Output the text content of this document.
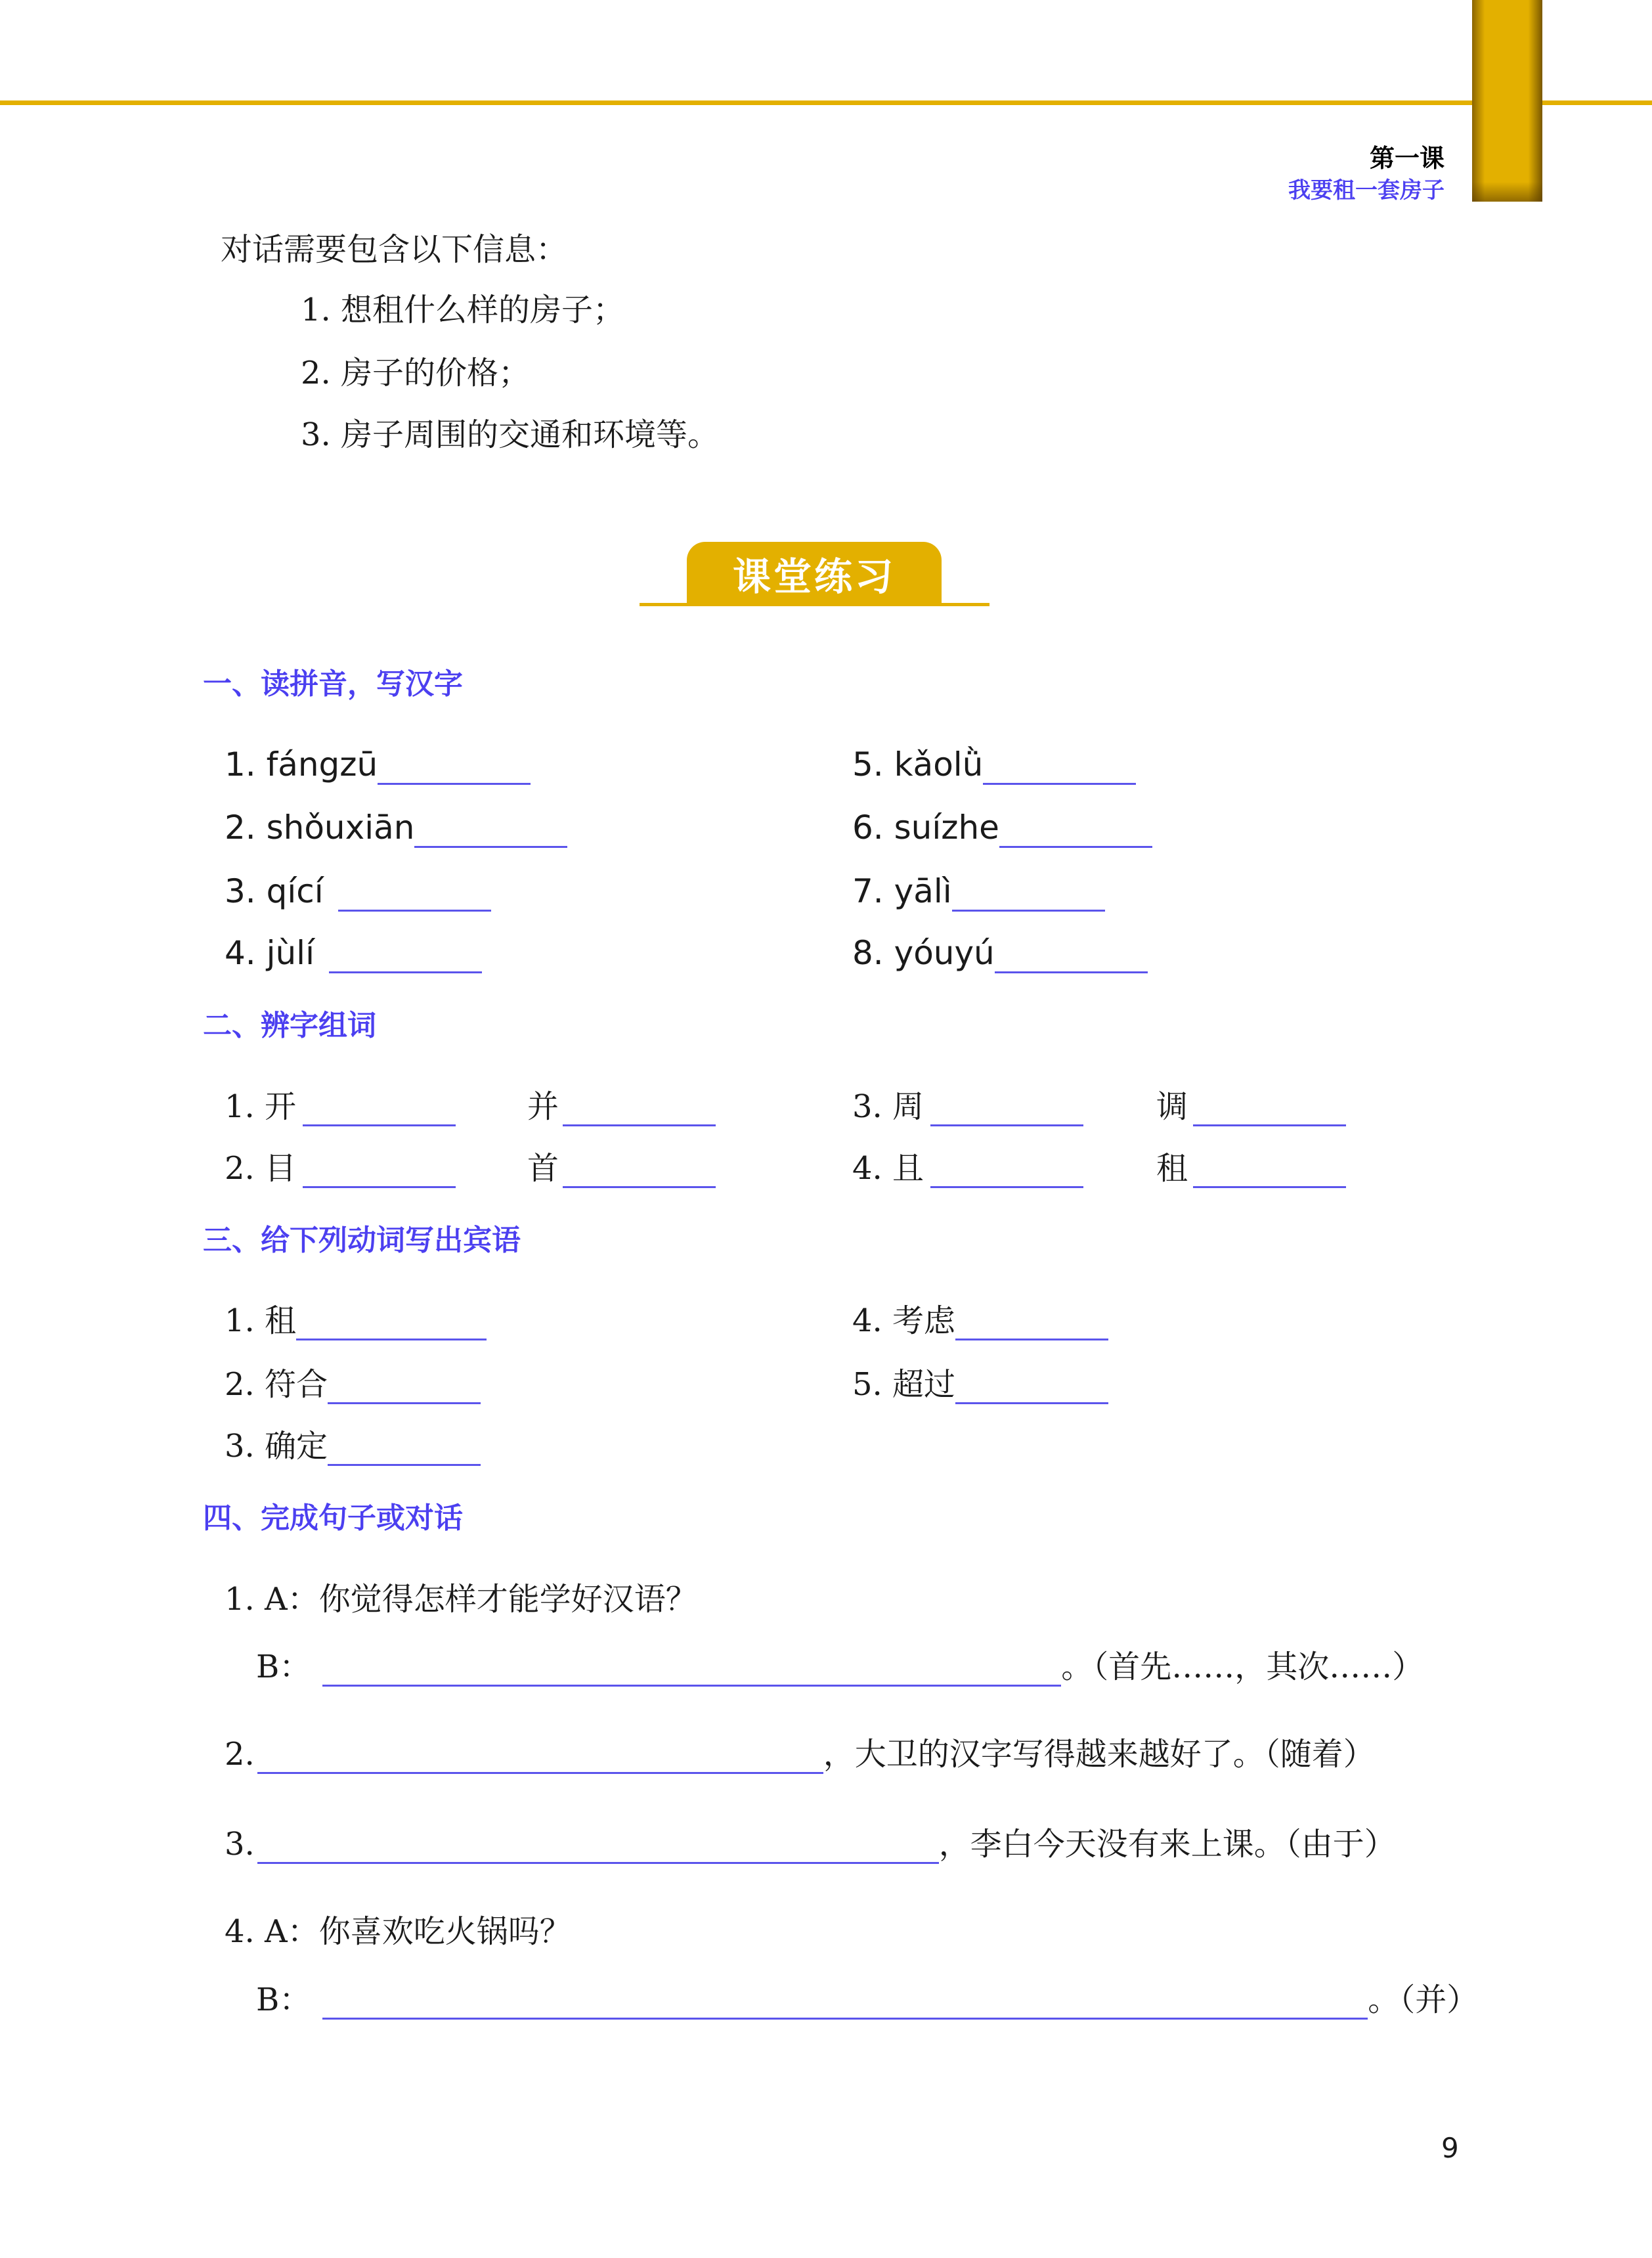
第一课
我要租一套房子
对话需要包含以下信息：
1. 想租什么样的房子；
2. 房子的价格；
3. 房子周围的交通和环境等。
课堂练习
一、读拼音，写汉字
1. fángzū
2. shǒuxiān
3. qící
4. jùlí
5. kǎolǜ
6. suízhe
7. yālì
8. yóuyú
二、辨字组词
1. 开	并	3. 周	调
2. 目	首	4. 且	租
三、给下列动词写出宾语
1. 租
2. 符合
3. 确定
4. 考虑
5. 超过
四、完成句子或对话
1. A：你觉得怎样才能学好汉语？
B：	。（首先……，其次……）
2.	，大卫的汉字写得越来越好了。（随着）
3.	，李白今天没有来上课。（由于）
4. A：你喜欢吃火锅吗？
B：	。（并）
9
